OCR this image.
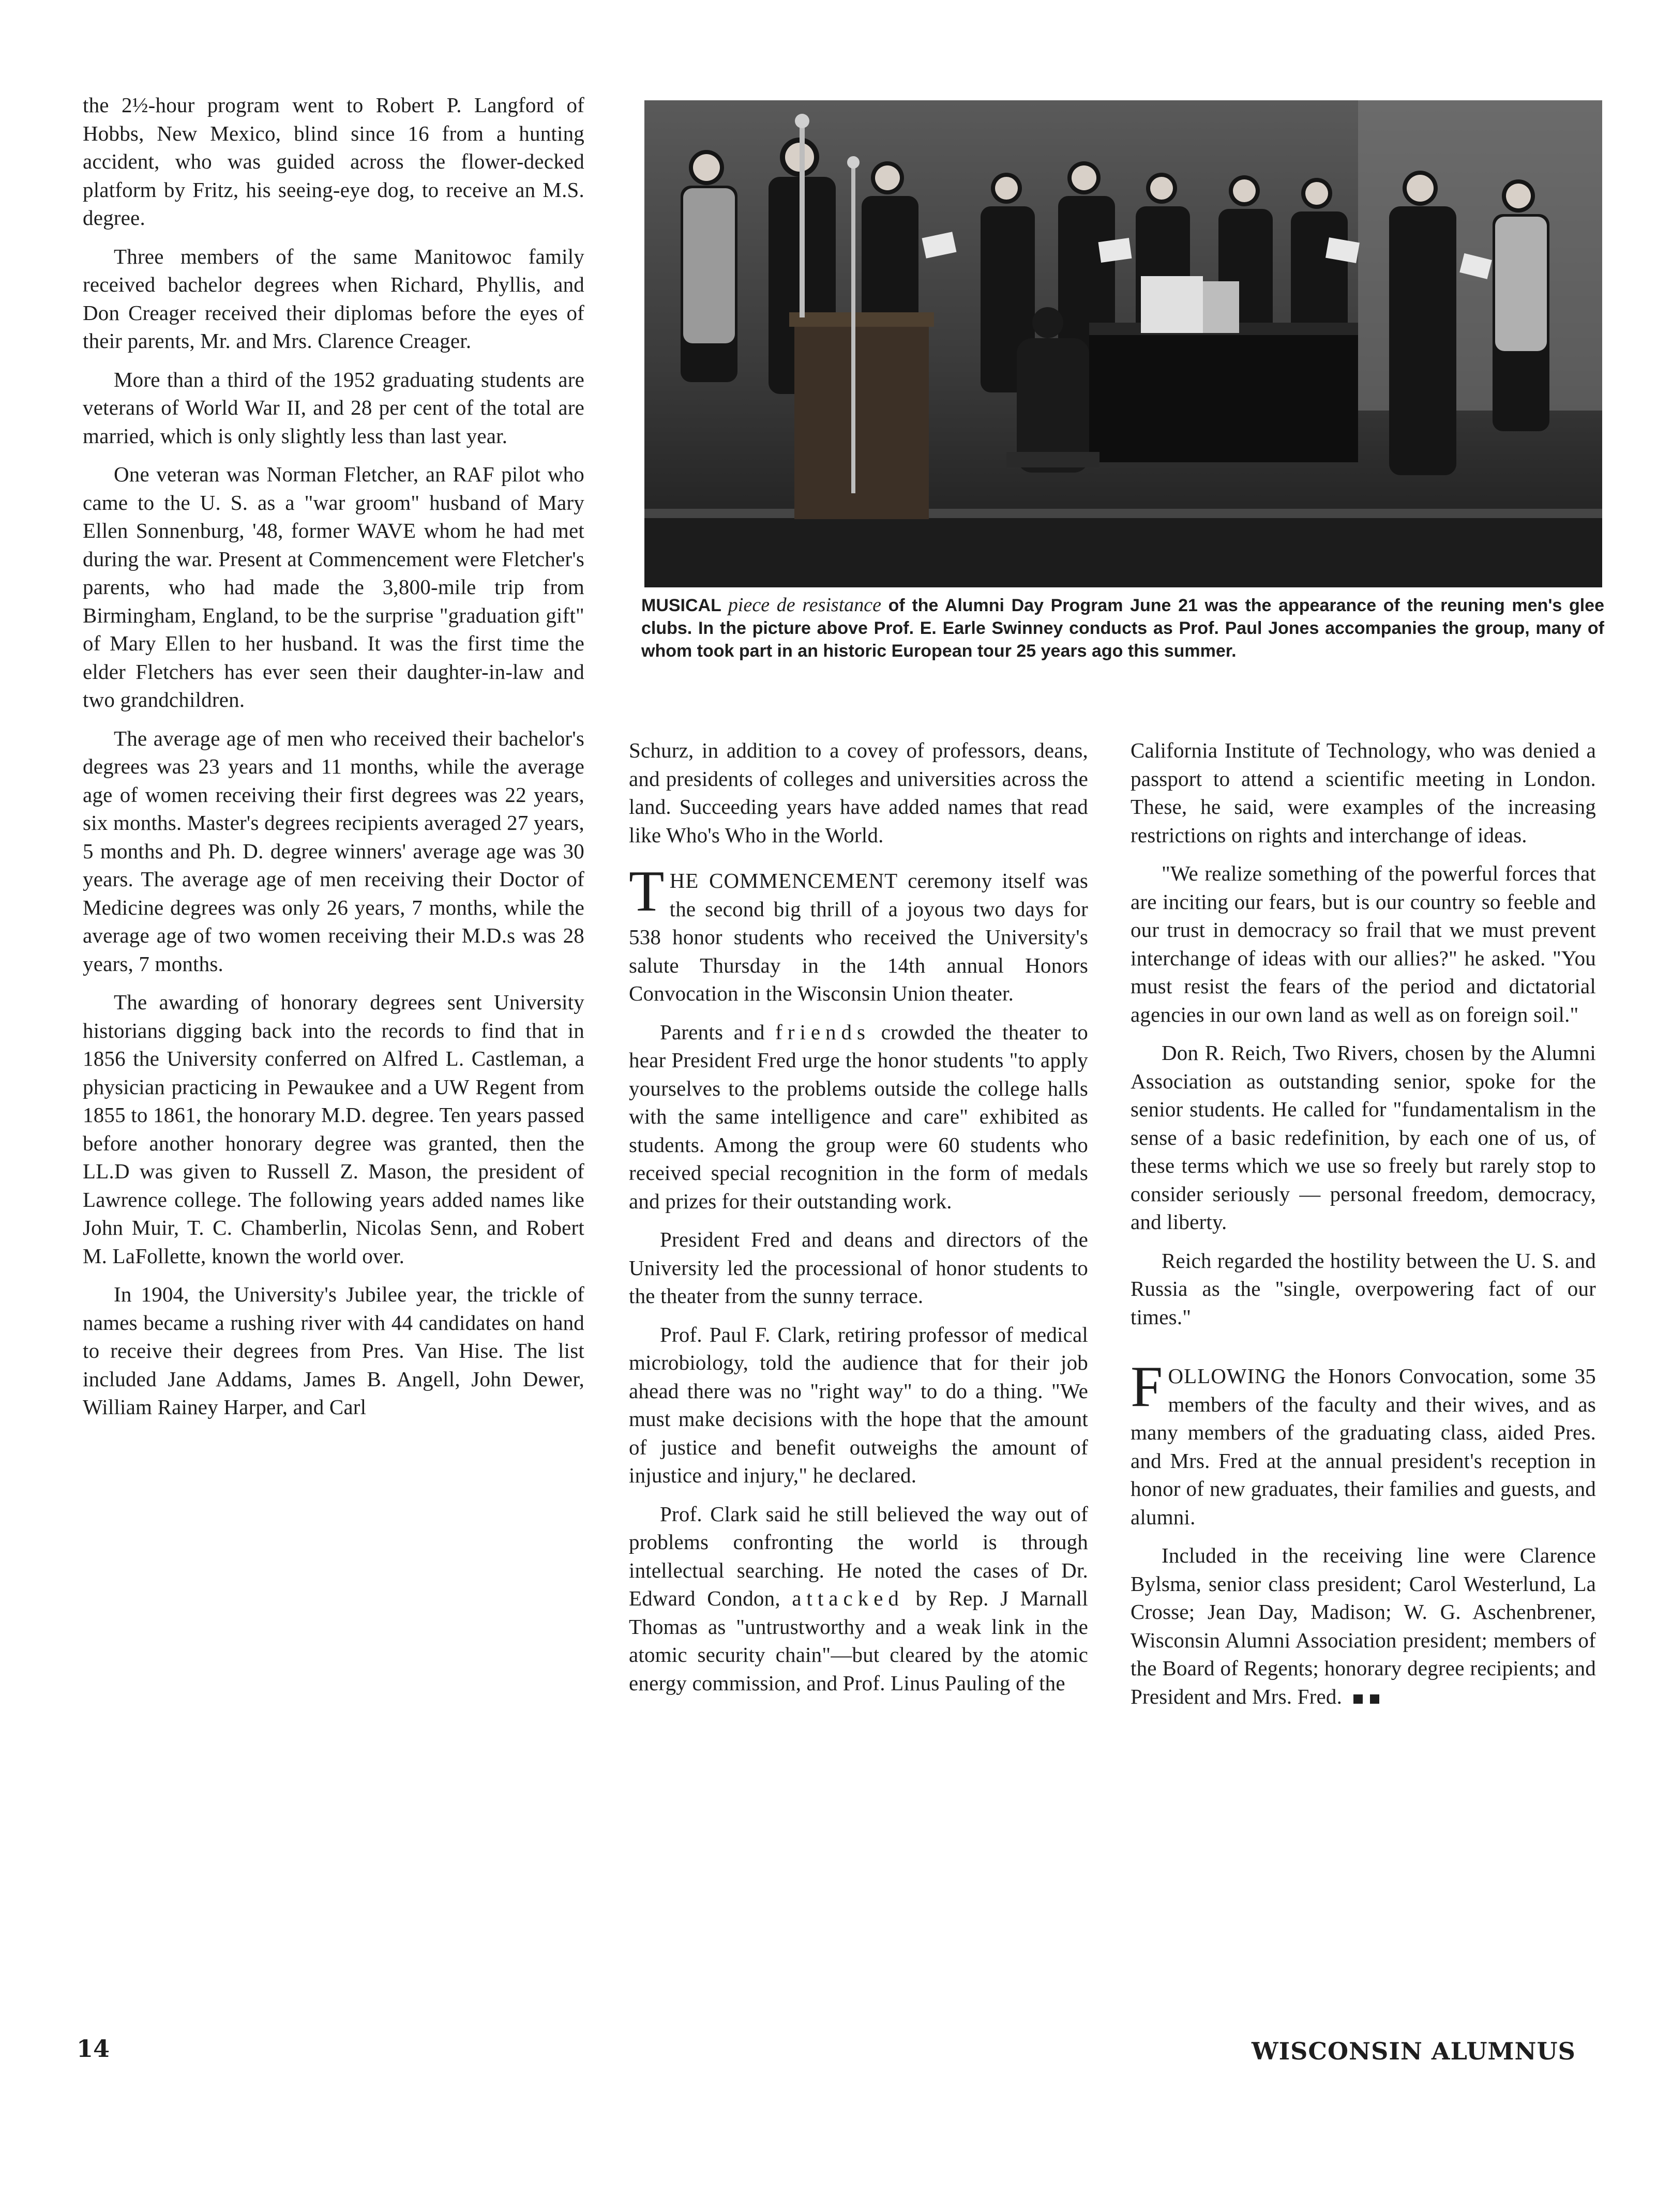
the 2½-hour program went to Robert P. Langford of Hobbs, New Mexico, blind since 16 from a hunting accident, who was guided across the flower-decked platform by Fritz, his seeing-eye dog, to receive an M.S. degree.

Three members of the same Manitowoc family received bachelor degrees when Richard, Phyllis, and Don Creager received their diplomas before the eyes of their parents, Mr. and Mrs. Clarence Creager.

More than a third of the 1952 graduating students are veterans of World War II, and 28 per cent of the total are married, which is only slightly less than last year.

One veteran was Norman Fletcher, an RAF pilot who came to the U. S. as a "war groom" husband of Mary Ellen Sonnenburg, '48, former WAVE whom he had met during the war. Present at Commencement were Fletcher's parents, who had made the 3,800-mile trip from Birmingham, England, to be the surprise "graduation gift" of Mary Ellen to her husband. It was the first time the elder Fletchers has ever seen their daughter-in-law and two grandchildren.

The average age of men who received their bachelor's degrees was 23 years and 11 months, while the average age of women receiving their first degrees was 22 years, six months. Master's degrees recipients averaged 27 years, 5 months and Ph. D. degree winners' average age was 30 years. The average age of men receiving their Doctor of Medicine degrees was only 26 years, 7 months, while the average age of two women receiving their M.D.s was 28 years, 7 months.

The awarding of honorary degrees sent University historians digging back into the records to find that in 1856 the University conferred on Alfred L. Castleman, a physician practicing in Pewaukee and a UW Regent from 1855 to 1861, the honorary M.D. degree. Ten years passed before another honorary degree was granted, then the LL.D was given to Russell Z. Mason, the president of Lawrence college. The following years added names like John Muir, T. C. Chamberlin, Nicolas Senn, and Robert M. LaFollette, known the world over.

In 1904, the University's Jubilee year, the trickle of names became a rushing river with 44 candidates on hand to receive their degrees from Pres. Van Hise. The list included Jane Addams, James B. Angell, John Dewer, William Rainey Harper, and Carl

MUSICAL piece de resistance of the Alumni Day Program June 21 was the appearance of the reuning men's glee clubs. In the picture above Prof. E. Earle Swinney conducts as Prof. Paul Jones accompanies the group, many of whom took part in an historic European tour 25 years ago this summer.

Schurz, in addition to a covey of professors, deans, and presidents of colleges and universities across the land. Succeeding years have added names that read like Who's Who in the World.

THE COMMENCEMENT ceremony itself was the second big thrill of a joyous two days for 538 honor students who received the University's salute Thursday in the 14th annual Honors Convocation in the Wisconsin Union theater.

Parents and friends crowded the theater to hear President Fred urge the honor students "to apply yourselves to the problems outside the college halls with the same intelligence and care" exhibited as students. Among the group were 60 students who received special recognition in the form of medals and prizes for their outstanding work.

President Fred and deans and directors of the University led the processional of honor students to the theater from the sunny terrace.

Prof. Paul F. Clark, retiring professor of medical microbiology, told the audience that for their job ahead there was no "right way" to do a thing. "We must make decisions with the hope that the amount of justice and benefit outweighs the amount of injustice and injury," he declared.

Prof. Clark said he still believed the way out of problems confronting the world is through intellectual searching. He noted the cases of Dr. Edward Condon, attacked by Rep. J Marnall Thomas as "untrustworthy and a weak link in the atomic security chain"—but cleared by the atomic energy commission, and Prof. Linus Pauling of the

California Institute of Technology, who was denied a passport to attend a scientific meeting in London. These, he said, were examples of the increasing restrictions on rights and interchange of ideas.

"We realize something of the powerful forces that are inciting our fears, but is our country so feeble and our trust in democracy so frail that we must prevent interchange of ideas with our allies?" he asked. "You must resist the fears of the period and dictatorial agencies in our own land as well as on foreign soil."

Don R. Reich, Two Rivers, chosen by the Alumni Association as outstanding senior, spoke for the senior students. He called for "fundamentalism in the sense of a basic redefinition, by each one of us, of these terms which we use so freely but rarely stop to consider seriously — personal freedom, democracy, and liberty.

Reich regarded the hostility between the U. S. and Russia as the "single, overpowering fact of our times."

FOLLOWING the Honors Convocation, some 35 members of the faculty and their wives, and as many members of the graduating class, aided Pres. and Mrs. Fred at the annual president's reception in honor of new graduates, their families and guests, and alumni.

Included in the receiving line were Clarence Bylsma, senior class president; Carol Westerlund, La Crosse; Jean Day, Madison; W. G. Aschenbrener, Wisconsin Alumni Association president; members of the Board of Regents; honorary degree recipients; and President and Mrs. Fred.

14	WISCONSIN ALUMNUS
